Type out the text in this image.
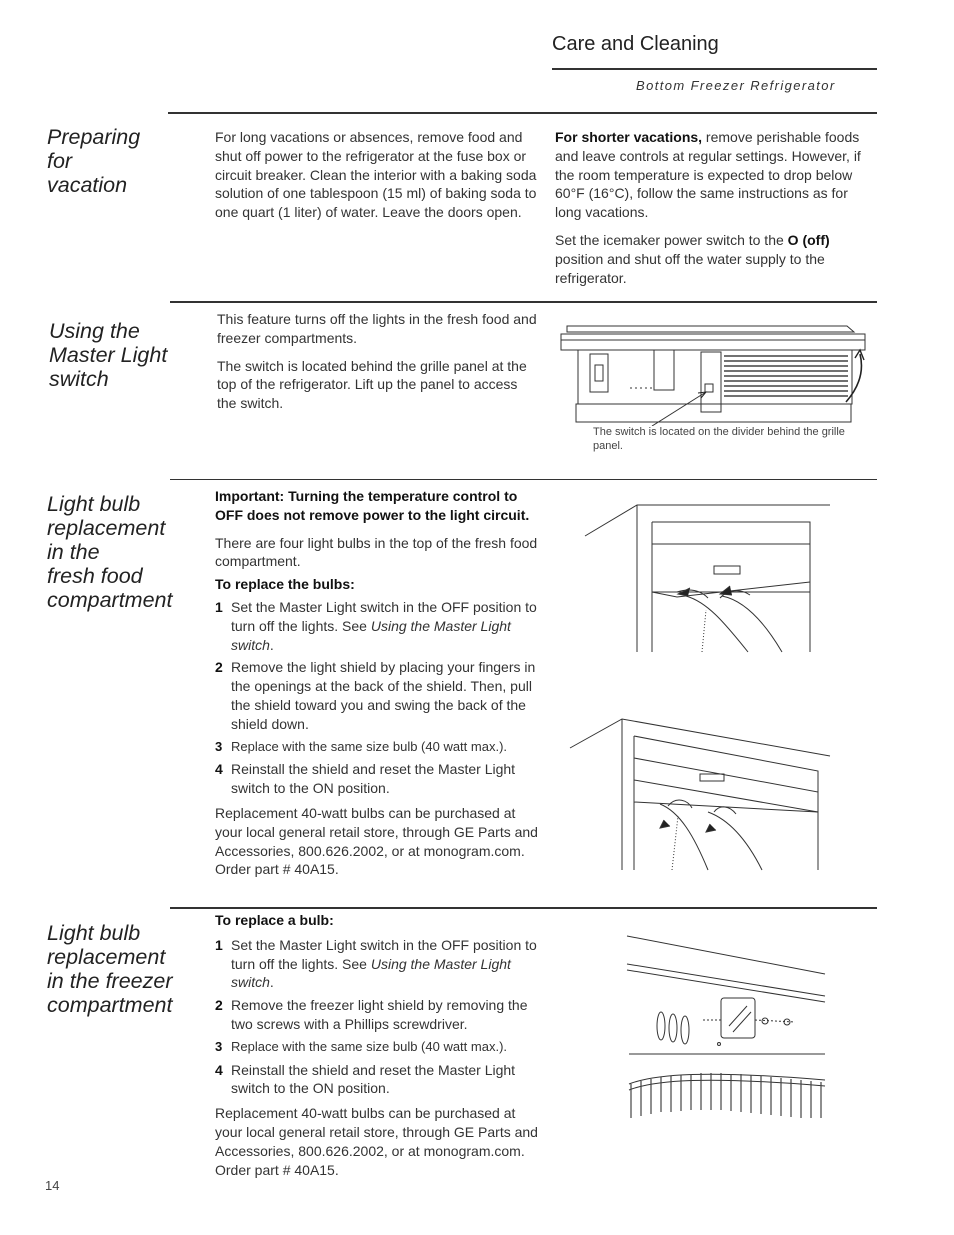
Care and Cleaning
Bottom Freezer Refrigerator
Preparing
for
vacation

For long vacations or absences, remove food and shut off power to the refrigerator at the fuse box or circuit breaker. Clean the interior with a baking soda solution of one tablespoon (15 ml) of baking soda to one quart (1 liter) of water. Leave the doors open.

For shorter vacations, remove perishable foods and leave controls at regular settings. However, if the room temperature is expected to drop below 60°F (16°C), follow the same instructions as for long vacations.

Set the icemaker power switch to the O (off) position and shut off the water supply to the refrigerator.

Using the
Master Light
switch

This feature turns off the lights in the fresh food and freezer compartments.

The switch is located behind the grille panel at the top of the refrigerator. Lift up the panel to access the switch.

The switch is located on the divider behind the grille panel.
Light bulb
replacement
in the
fresh food
compartment

Important: Turning the temperature control to OFF does not remove power to the light circuit.

There are four light bulbs in the top of the fresh food compartment.

To replace the bulbs:

1 Set the Master Light switch in the OFF position to turn off the lights. See Using the Master Light switch.
2 Remove the light shield by placing your fingers in the openings at the back of the shield. Then, pull the shield toward you and swing the back of the shield down.
3 Replace with the same size bulb (40 watt max.).
4 Reinstall the shield and reset the Master Light switch to the ON position.

Replacement 40-watt bulbs can be purchased at your local general retail store, through GE Parts and Accessories, 800.626.2002, or at monogram.com. Order part # 40A15.

Light bulb
replacement
in the freezer
compartment

To replace a bulb:

1 Set the Master Light switch in the OFF position to turn off the lights. See Using the Master Light switch.
2 Remove the freezer light shield by removing the two screws with a Phillips screwdriver.
3 Replace with the same size bulb (40 watt max.).
4 Reinstall the shield and reset the Master Light switch to the ON position.

Replacement 40-watt bulbs can be purchased at your local general retail store, through GE Parts and Accessories, 800.626.2002, or at monogram.com. Order part # 40A15.

14
